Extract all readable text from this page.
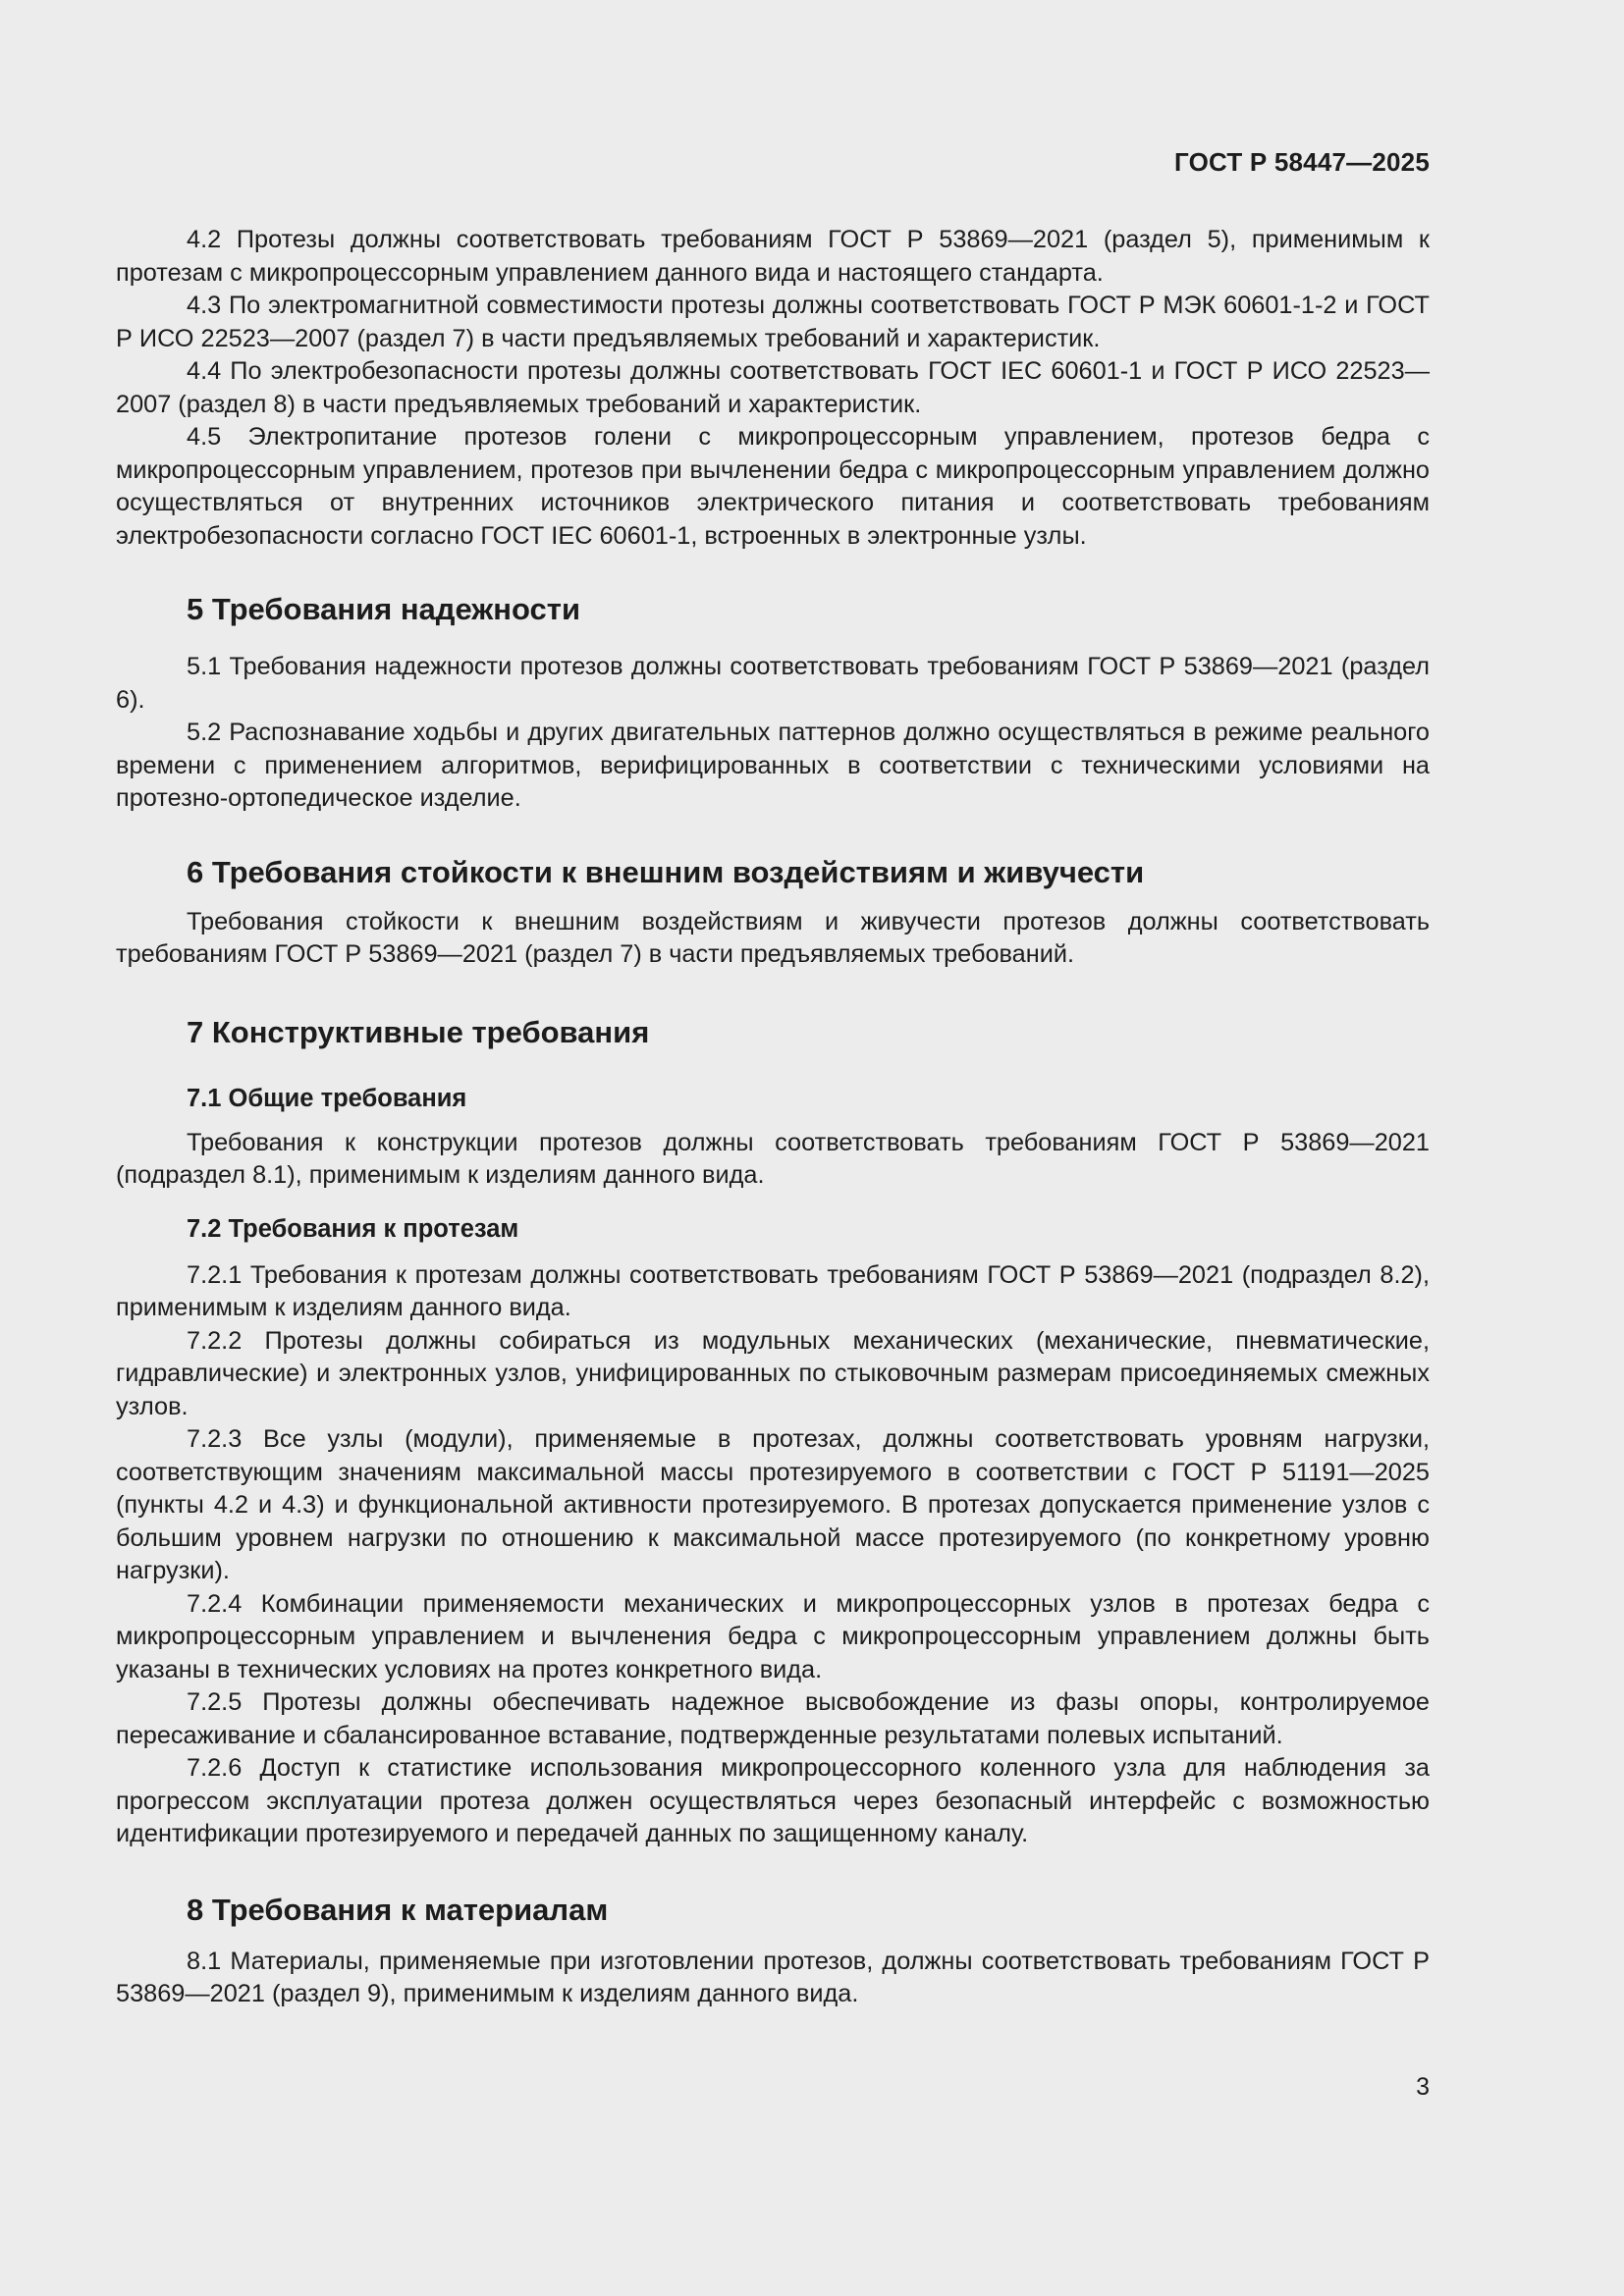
ГОСТ Р 58447—2025

4.2 Протезы должны соответствовать требованиям ГОСТ Р 53869—2021 (раздел 5), применимым к протезам с микропроцессорным управлением данного вида и настоящего стандарта.

4.3 По электромагнитной совместимости протезы должны соответствовать ГОСТ Р МЭК 60601-1-2 и ГОСТ Р ИСО 22523—2007 (раздел 7) в части предъявляемых требований и характеристик.

4.4 По электробезопасности протезы должны соответствовать ГОСТ IEC 60601-1 и ГОСТ Р ИСО 22523—2007 (раздел 8) в части предъявляемых требований и характеристик.

4.5 Электропитание протезов голени с микропроцессорным управлением, протезов бедра с микропроцессорным управлением, протезов при вычленении бедра с микропроцессорным управлением должно осуществляться от внутренних источников электрического питания и соответствовать требованиям электробезопасности согласно ГОСТ IEC 60601-1, встроенных в электронные узлы.

5 Требования надежности

5.1 Требования надежности протезов должны соответствовать требованиям ГОСТ Р 53869—2021 (раздел 6).

5.2 Распознавание ходьбы и других двигательных паттернов должно осуществляться в режиме реального времени с применением алгоритмов, верифицированных в соответствии с техническими условиями на протезно-ортопедическое изделие.

6 Требования стойкости к внешним воздействиям и живучести

Требования стойкости к внешним воздействиям и живучести протезов должны соответствовать требованиям ГОСТ Р 53869—2021 (раздел 7) в части предъявляемых требований.

7 Конструктивные требования
7.1 Общие требования

Требования к конструкции протезов должны соответствовать требованиям ГОСТ Р 53869—2021 (подраздел 8.1), применимым к изделиям данного вида.

7.2 Требования к протезам

7.2.1 Требования к протезам должны соответствовать требованиям ГОСТ Р 53869—2021 (подраздел 8.2), применимым к изделиям данного вида.

7.2.2 Протезы должны собираться из модульных механических (механические, пневматические, гидравлические) и электронных узлов, унифицированных по стыковочным размерам присоединяемых смежных узлов.

7.2.3 Все узлы (модули), применяемые в протезах, должны соответствовать уровням нагрузки, соответствующим значениям максимальной массы протезируемого в соответствии с ГОСТ Р 51191—2025 (пункты 4.2 и 4.3) и функциональной активности протезируемого. В протезах допускается применение узлов с большим уровнем нагрузки по отношению к максимальной массе протезируемого (по конкретному уровню нагрузки).

7.2.4 Комбинации применяемости механических и микропроцессорных узлов в протезах бедра с микропроцессорным управлением и вычленения бедра с микропроцессорным управлением должны быть указаны в технических условиях на протез конкретного вида.

7.2.5 Протезы должны обеспечивать надежное высвобождение из фазы опоры, контролируемое пересаживание и сбалансированное вставание, подтвержденные результатами полевых испытаний.

7.2.6 Доступ к статистике использования микропроцессорного коленного узла для наблюдения за прогрессом эксплуатации протеза должен осуществляться через безопасный интерфейс с возможностью идентификации протезируемого и передачей данных по защищенному каналу.

8 Требования к материалам

8.1 Материалы, применяемые при изготовлении протезов, должны соответствовать требованиям ГОСТ Р 53869—2021 (раздел 9), применимым к изделиям данного вида.

3
